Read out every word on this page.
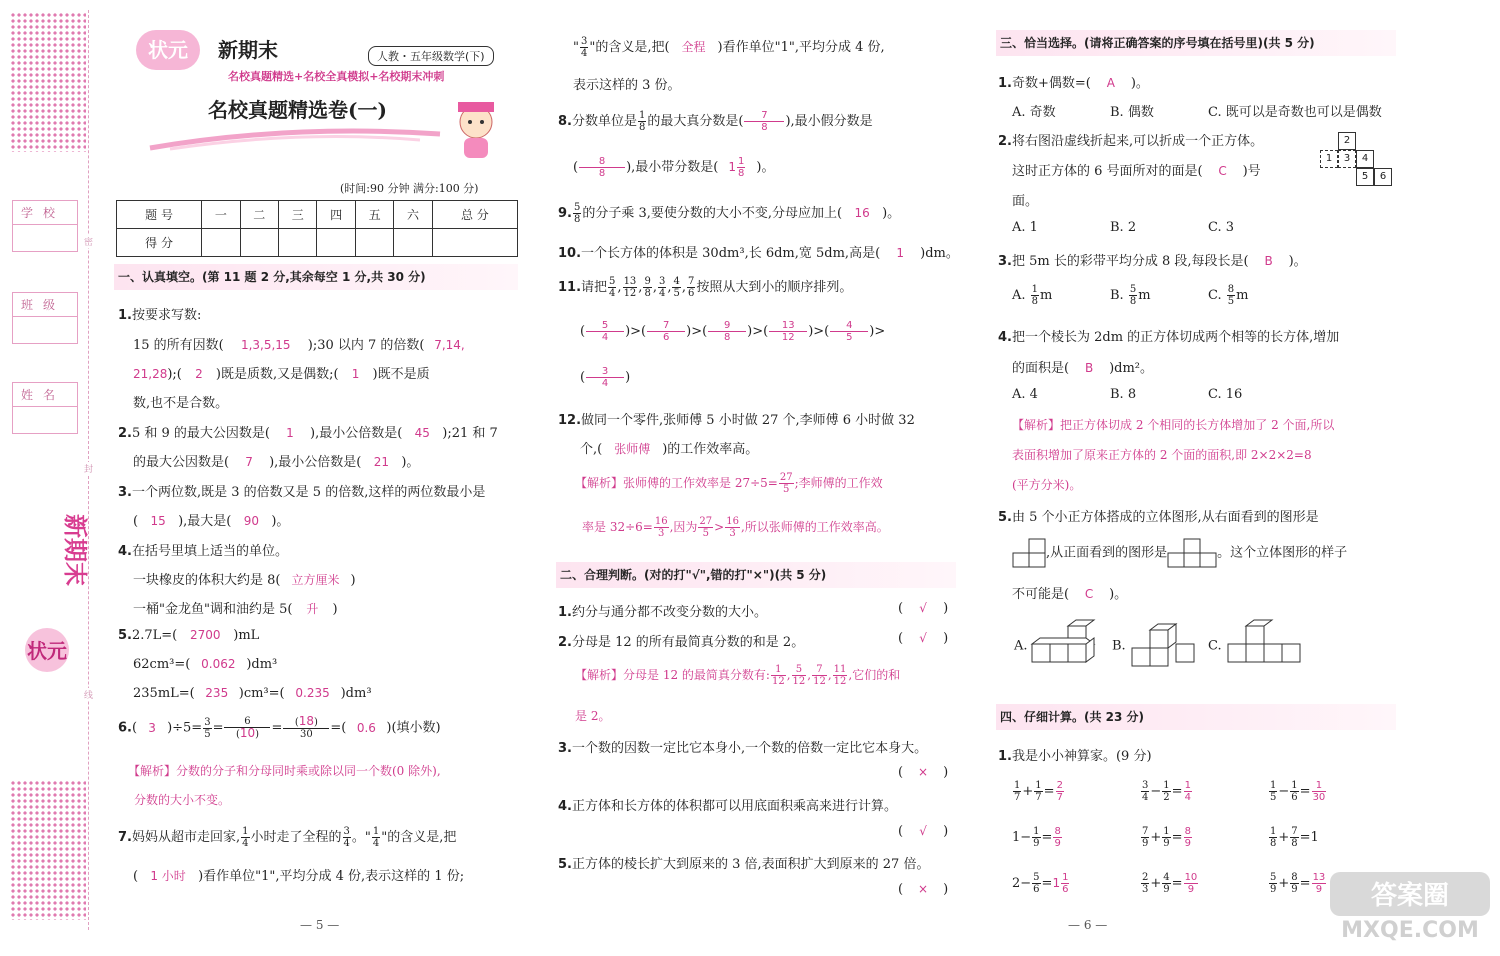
密
封
线
学校
班级
姓名
状元
新期末
状元	新期末	人教・五年级数学(下)
名校真题精选+名校全真模拟+名校期末冲刺
名校真题精选卷(一)
(时间:90 分钟 满分:100 分)
题 号	一	二	三	四	五	六	总 分
得 分							
一、认真填空。(第 11 题 2 分,其余每空 1 分,共 30 分)
1.按要求写数:
15 的所有因数( 1,3,5,15 );30 以内 7 的倍数( 7,14,
21,28);( 2 )既是质数,又是偶数;( 1 )既不是质
数,也不是合数。
2.5 和 9 的最大公因数是( 1 ),最小公倍数是( 45 );21 和 7
的最大公因数是( 7 ),最小公倍数是( 21 )。
3.一个两位数,既是 3 的倍数又是 5 的倍数,这样的两位数最小是
( 15 ),最大是( 90 )。
4.在括号里填上适当的单位。
一块橡皮的体积大约是 8( 立方厘米 )
一桶"金龙鱼"调和油约是 5( 升 )
5.2.7L=( 2700 )mL
62cm³=( 0.062 )dm³
235mL=( 235 )cm³=( 0.235 )dm³
6.( 3 )$\div 5= \frac{3}{5} = \frac{6}{(10)} = \frac{(18)}{30}$ =( 0.6 )(填小数)
【解析】分数的分子和分母同时乘或除以同一个数(0 除外),
分数的大小不变。
7.妈妈从超市走回家, $\frac{1}{4}$ 小时走了全程的 $\frac{3}{4}$ 。" $\frac{1}{4}$ "的含义是,把
( 1 小时 )看作单位"1",平均分成 4 份,表示这样的 1 份;
— 5 —
" $\frac{3}{4}$ "的含义是,把( 全程 )看作单位"1",平均分成 4 份,
表示这样的 3 份。
8.分数单位是 $\frac{1}{8}$ 的最大真分数是( $\frac{7}{8}$ ),最小假分数是
( $\frac{8}{8}$ ),最小带分数是( $1 \frac{1}{8}$ )。
9. $\frac{5}{8}$ 的分子乘 3,要使分数的大小不变,分母应加上( 16 )。
10.一个长方体的体积是 30dm³,长 6dm,宽 5dm,高是( 1 )dm。
11.请把 $\frac{5}{4}$ , $\frac{13}{12}$ , $\frac{9}{8}$ , $\frac{3}{4}$ , $\frac{4}{5}$ , $\frac{7}{6}$ 按照从大到小的顺序排列。
( $\frac{5}{4}$ )>( $\frac{7}{6}$ )>( $\frac{9}{8}$ )>( $\frac{13}{12}$ )>( $\frac{4}{5}$ )>
( $\frac{3}{4}$ )
12.做同一个零件,张师傅 5 小时做 27 个,李师傅 6 小时做 32
个,( 张师傅 )的工作效率高。
【解析】张师傅的工作效率是 $27\div 5= \frac{27}{5}$ ;李师傅的工作效
率是 $32\div 6= \frac{16}{3}$ ,因为 $\frac{27}{5} > \frac{16}{3}$ ,所以张师傅的工作效率高。
二、合理判断。(对的打"√",错的打"×")(共 5 分)
1.约分与通分都不改变分数的大小。	( √ )
2.分母是 12 的所有最简真分数的和是 2。	( √ )
【解析】分母是 12 的最简真分数有: $\frac{1}{12}$ , $\frac{5}{12}$ , $\frac{7}{12}$ , $\frac{11}{12}$ ,它们的和
是 2。
3.一个数的因数一定比它本身小,一个数的倍数一定比它本身大。
( × )
4.正方体和长方体的体积都可以用底面积乘高来进行计算。
( √ )
5.正方体的棱长扩大到原来的 3 倍,表面积扩大到原来的 27 倍。
( × )
三、恰当选择。(请将正确答案的序号填在括号里)(共 5 分)
1.奇数+偶数=( A )。
A. 奇数	B. 偶数	C. 既可以是奇数也可以是偶数
2.将右图沿虚线折起来,可以折成一个正方体。
这时正方体的 6 号面所对的面是( C )号
面。
A. 1	B. 2	C. 3
2
1	3	4
5	6
3.把 5m 长的彩带平均分成 8 段,每段长是( B )。
A. $\frac{1}{8}$ m	B. $\frac{5}{8}$ m	C. $\frac{8}{5}$ m
4.把一个棱长为 2dm 的正方体切成两个相等的长方体,增加
的面积是( B )dm²。
A. 4	B. 8	C. 16
【解析】把正方体切成 2 个相同的长方体增加了 2 个面,所以
表面积增加了原来正方体的 2 个面的面积,即 2×2×2=8
(平方分米)。
5.由 5 个小正方体搭成的立体图形,从右面看到的图形是
,从正面看到的图形是	。这个立体图形的样子
不可能是( C )。
A.	B.	C.
四、仔细计算。(共 23 分)
1.我是小小神算家。(9 分)
$\frac{1}{7} + \frac{1}{7} = \frac{2}{7}$	$\frac{3}{4} - \frac{1}{2} = \frac{1}{4}$	$\frac{1}{5} - \frac{1}{6} = \frac{1}{30}$
$1- \frac{1}{9} = \frac{8}{9}$	$\frac{7}{9} + \frac{1}{9} = \frac{8}{9}$	$\frac{1}{8} + \frac{7}{8} =1$
$2- \frac{5}{6} =1 \frac{1}{6}$	$\frac{2}{3} + \frac{4}{9} = \frac{10}{9}$	$\frac{5}{9} + \frac{8}{9} = \frac{13}{9}$
— 6 —
答案圈
MXQE.COM
